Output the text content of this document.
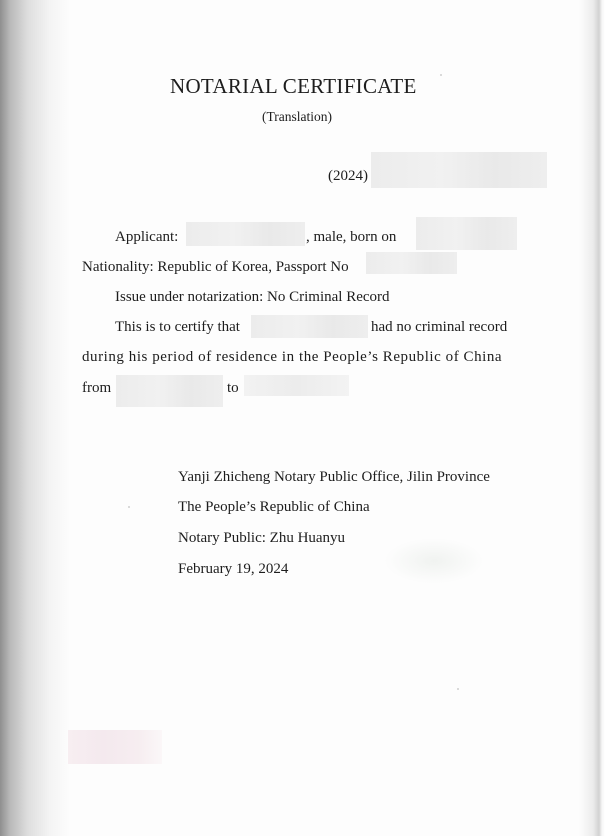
NOTARIAL CERTIFICATE
(Translation)
(2024)
Applicant:	, male, born on
Nationality: Republic of Korea, Passport No
Issue under notarization: No Criminal Record
This is to certify that	had no criminal record
during his period of residence in the People’s Republic of China
from	to
Yanji Zhicheng Notary Public Office, Jilin Province
The People’s Republic of China
Notary Public: Zhu Huanyu
February 19, 2024
